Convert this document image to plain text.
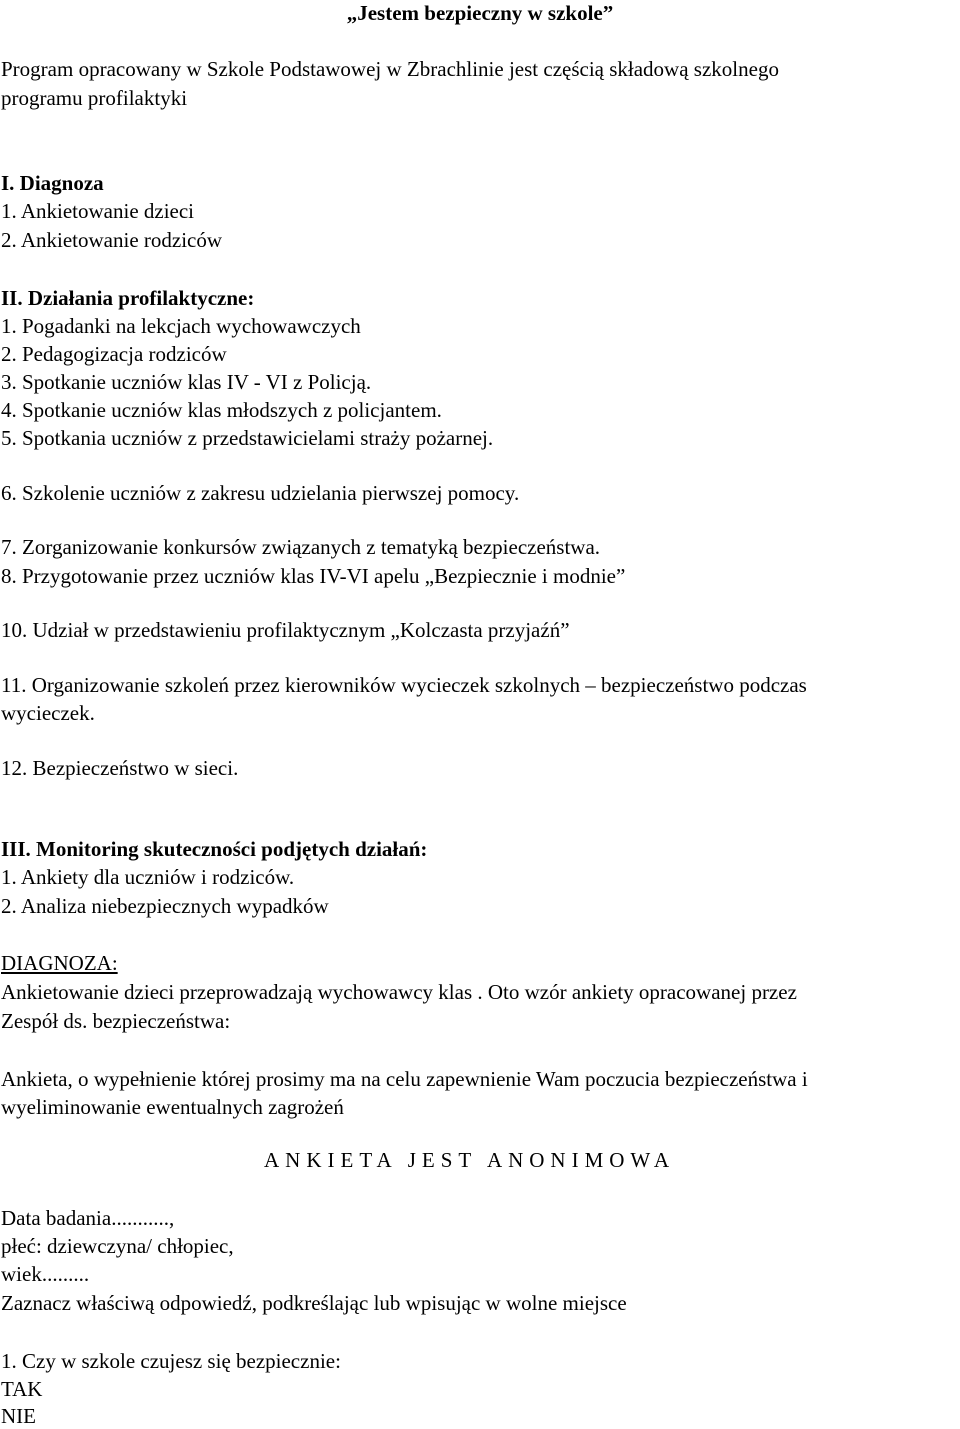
„Jestem bezpieczny w szkole”
Program opracowany w Szkole Podstawowej w Zbrachlinie jest częścią składową szkolnego
programu profilaktyki
I. Diagnoza
1. Ankietowanie dzieci
2. Ankietowanie rodziców
II. Działania profilaktyczne:
1. Pogadanki na lekcjach wychowawczych
2. Pedagogizacja rodziców
3. Spotkanie uczniów klas IV - VI z Policją.
4. Spotkanie uczniów klas młodszych z policjantem.
5. Spotkania uczniów z przedstawicielami straży pożarnej.
6. Szkolenie uczniów z zakresu udzielania pierwszej pomocy.
7. Zorganizowanie konkursów związanych z tematyką bezpieczeństwa.
8. Przygotowanie przez uczniów klas IV-VI apelu „Bezpiecznie i modnie”
10. Udział w przedstawieniu profilaktycznym „Kolczasta przyjaźń”
11. Organizowanie szkoleń przez kierowników wycieczek szkolnych – bezpieczeństwo podczas
wycieczek.
12. Bezpieczeństwo w sieci.
III. Monitoring skuteczności podjętych działań:
1. Ankiety dla uczniów i rodziców.
2. Analiza niebezpiecznych wypadków
DIAGNOZA:
Ankietowanie dzieci przeprowadzają wychowawcy klas . Oto wzór ankiety opracowanej przez
Zespół ds. bezpieczeństwa:
Ankieta, o wypełnienie której prosimy ma na celu zapewnienie Wam poczucia bezpieczeństwa i
wyeliminowanie ewentualnych zagrożeń
ANKIETA JEST ANONIMOWA
Data badania...........,
płeć: dziewczyna/ chłopiec,
wiek.........
Zaznacz właściwą odpowiedź, podkreślając lub wpisując w wolne miejsce
1. Czy w szkole czujesz się bezpiecznie:
TAK
NIE
